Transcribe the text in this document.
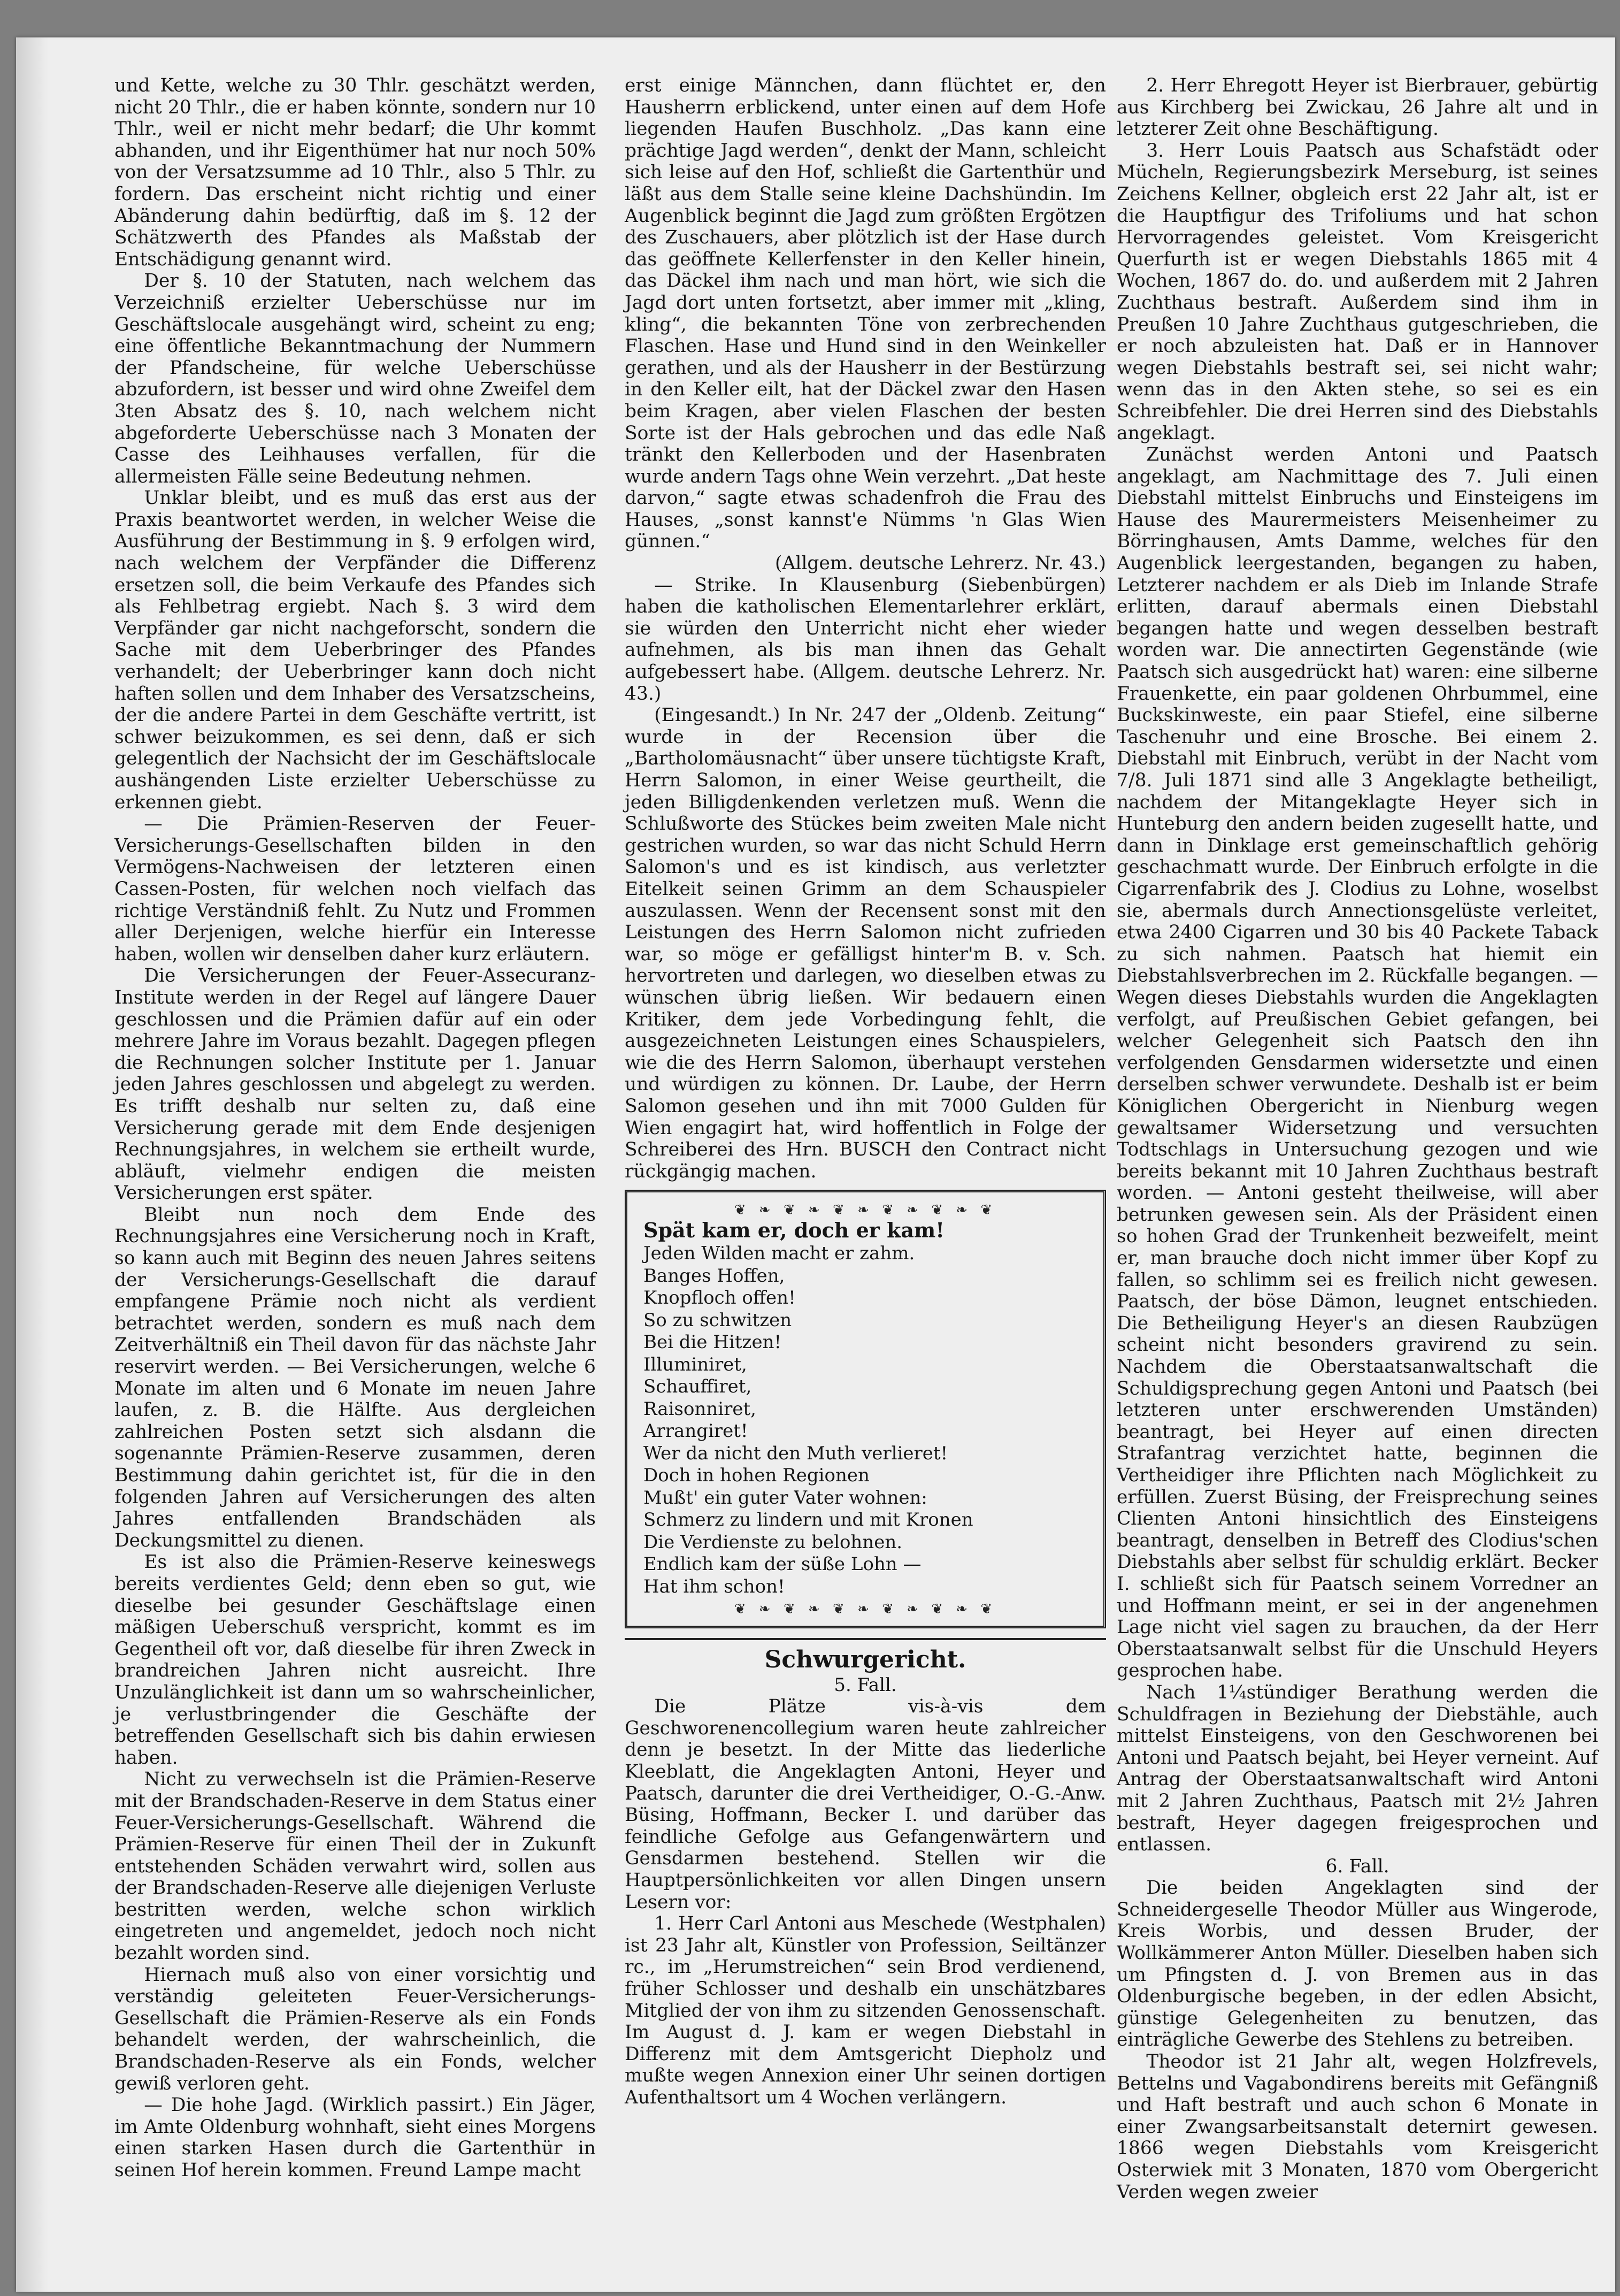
und Kette, welche zu 30 Thlr. geschätzt werden, nicht 20 Thlr., die er haben könnte, sondern nur 10 Thlr., weil er nicht mehr bedarf; die Uhr kommt abhanden, und ihr Eigenthümer hat nur noch 50% von der Versatzsumme ad 10 Thlr., also 5 Thlr. zu fordern. Das erscheint nicht richtig und einer Abänderung dahin bedürftig, daß im §. 12 der Schätzwerth des Pfandes als Maßstab der Entschädigung genannt wird.

Der §. 10 der Statuten, nach welchem das Verzeichniß erzielter Ueberschüsse nur im Geschäftslocale ausgehängt wird, scheint zu eng; eine öffentliche Bekanntmachung der Nummern der Pfandscheine, für welche Ueberschüsse abzufordern, ist besser und wird ohne Zweifel dem 3ten Absatz des §. 10, nach welchem nicht abgeforderte Ueberschüsse nach 3 Monaten der Casse des Leihhauses verfallen, für die allermeisten Fälle seine Bedeutung nehmen.

Unklar bleibt, und es muß das erst aus der Praxis beantwortet werden, in welcher Weise die Ausführung der Bestimmung in §. 9 erfolgen wird, nach welchem der Verpfänder die Differenz ersetzen soll, die beim Verkaufe des Pfandes sich als Fehlbetrag ergiebt. Nach §. 3 wird dem Verpfänder gar nicht nachgeforscht, sondern die Sache mit dem Ueberbringer des Pfandes verhandelt; der Ueberbringer kann doch nicht haften sollen und dem Inhaber des Versatzscheins, der die andere Partei in dem Geschäfte vertritt, ist schwer beizukommen, es sei denn, daß er sich gelegentlich der Nachsicht der im Geschäftslocale aushängenden Liste erzielter Ueberschüsse zu erkennen giebt.

— Die Prämien-Reserven der Feuer-Versicherungs-Gesellschaften bilden in den Vermögens-Nachweisen der letzteren einen Cassen-Posten, für welchen noch vielfach das richtige Verständniß fehlt. Zu Nutz und Frommen aller Derjenigen, welche hierfür ein Interesse haben, wollen wir denselben daher kurz erläutern.

Die Versicherungen der Feuer-Assecuranz-Institute werden in der Regel auf längere Dauer geschlossen und die Prämien dafür auf ein oder mehrere Jahre im Voraus bezahlt. Dagegen pflegen die Rechnungen solcher Institute per 1. Januar jeden Jahres geschlossen und abgelegt zu werden. Es trifft deshalb nur selten zu, daß eine Versicherung gerade mit dem Ende desjenigen Rechnungsjahres, in welchem sie ertheilt wurde, abläuft, vielmehr endigen die meisten Versicherungen erst später.

Bleibt nun noch dem Ende des Rechnungsjahres eine Versicherung noch in Kraft, so kann auch mit Beginn des neuen Jahres seitens der Versicherungs-Gesellschaft die darauf empfangene Prämie noch nicht als verdient betrachtet werden, sondern es muß nach dem Zeitverhältniß ein Theil davon für das nächste Jahr reservirt werden. — Bei Versicherungen, welche 6 Monate im alten und 6 Monate im neuen Jahre laufen, z. B. die Hälfte. Aus dergleichen zahlreichen Posten setzt sich alsdann die sogenannte Prämien-Reserve zusammen, deren Bestimmung dahin gerichtet ist, für die in den folgenden Jahren auf Versicherungen des alten Jahres entfallenden Brandschäden als Deckungsmittel zu dienen.

Es ist also die Prämien-Reserve keineswegs bereits verdientes Geld; denn eben so gut, wie dieselbe bei gesunder Geschäftslage einen mäßigen Ueberschuß verspricht, kommt es im Gegentheil oft vor, daß dieselbe für ihren Zweck in brandreichen Jahren nicht ausreicht. Ihre Unzulänglichkeit ist dann um so wahrscheinlicher, je verlustbringender die Geschäfte der betreffenden Gesellschaft sich bis dahin erwiesen haben.

Nicht zu verwechseln ist die Prämien-Reserve mit der Brandschaden-Reserve in dem Status einer Feuer-Versicherungs-Gesellschaft. Während die Prämien-Reserve für einen Theil der in Zukunft entstehenden Schäden verwahrt wird, sollen aus der Brandschaden-Reserve alle diejenigen Verluste bestritten werden, welche schon wirklich eingetreten und angemeldet, jedoch noch nicht bezahlt worden sind.

Hiernach muß also von einer vorsichtig und verständig geleiteten Feuer-Versicherungs-Gesellschaft die Prämien-Reserve als ein Fonds behandelt werden, der wahrscheinlich, die Brandschaden-Reserve als ein Fonds, welcher gewiß verloren geht.

— Die hohe Jagd. (Wirklich passirt.) Ein Jäger, im Amte Oldenburg wohnhaft, sieht eines Morgens einen starken Hasen durch die Gartenthür in seinen Hof herein kommen. Freund Lampe macht

erst einige Männchen, dann flüchtet er, den Hausherrn erblickend, unter einen auf dem Hofe liegenden Haufen Buschholz. „Das kann eine prächtige Jagd werden“, denkt der Mann, schleicht sich leise auf den Hof, schließt die Gartenthür und läßt aus dem Stalle seine kleine Dachshündin. Im Augenblick beginnt die Jagd zum größten Ergötzen des Zuschauers, aber plötzlich ist der Hase durch das geöffnete Kellerfenster in den Keller hinein, das Däckel ihm nach und man hört, wie sich die Jagd dort unten fortsetzt, aber immer mit „kling, kling“, die bekannten Töne von zerbrechenden Flaschen. Hase und Hund sind in den Weinkeller gerathen, und als der Hausherr in der Bestürzung in den Keller eilt, hat der Däckel zwar den Hasen beim Kragen, aber vielen Flaschen der besten Sorte ist der Hals gebrochen und das edle Naß tränkt den Kellerboden und der Hasenbraten wurde andern Tags ohne Wein verzehrt. „Dat heste darvon,“ sagte etwas schadenfroh die Frau des Hauses, „sonst kannst'e Nümms 'n Glas Wien günnen.“

(Allgem. deutsche Lehrerz. Nr. 43.)

— Strike. In Klausenburg (Siebenbürgen) haben die katholischen Elementarlehrer erklärt, sie würden den Unterricht nicht eher wieder aufnehmen, als bis man ihnen das Gehalt aufgebessert habe. (Allgem. deutsche Lehrerz. Nr. 43.)

(Eingesandt.) In Nr. 247 der „Oldenb. Zeitung“ wurde in der Recension über die „Bartholomäusnacht“ über unsere tüchtigste Kraft, Herrn Salomon, in einer Weise geurtheilt, die jeden Billigdenkenden verletzen muß. Wenn die Schlußworte des Stückes beim zweiten Male nicht gestrichen wurden, so war das nicht Schuld Herrn Salomon's und es ist kindisch, aus verletzter Eitelkeit seinen Grimm an dem Schauspieler auszulassen. Wenn der Recensent sonst mit den Leistungen des Herrn Salomon nicht zufrieden war, so möge er gefälligst hinter'm B. v. Sch. hervortreten und darlegen, wo dieselben etwas zu wünschen übrig ließen. Wir bedauern einen Kritiker, dem jede Vorbedingung fehlt, die ausgezeichneten Leistungen eines Schauspielers, wie die des Herrn Salomon, überhaupt verstehen und würdigen zu können. Dr. Laube, der Herrn Salomon gesehen und ihn mit 7000 Gulden für Wien engagirt hat, wird hoffentlich in Folge der Schreiberei des Hrn. BUSCH den Contract nicht rückgängig machen.

❦ ❧ ❦ ❧ ❦ ❧ ❦ ❧ ❦ ❧ ❦ Spät kam er, doch er kam!

Jeden Wilden macht er zahm.

Banges Hoffen,

Knopfloch offen!

So zu schwitzen

Bei die Hitzen!

Illuminiret,

Schauffiret,

Raisonniret,

Arrangiret!

Wer da nicht den Muth verlieret!

Doch in hohen Regionen

Mußt' ein guter Vater wohnen:

Schmerz zu lindern und mit Kronen

Die Verdienste zu belohnen.

Endlich kam der süße Lohn —

Hat ihm schon!

❦ ❧ ❦ ❧ ❦ ❧ ❦ ❧ ❦ ❧ ❦

Schwurgericht.

5. Fall.

Die Plätze vis-à-vis dem Geschworenencollegium waren heute zahlreicher denn je besetzt. In der Mitte das liederliche Kleeblatt, die Angeklagten Antoni, Heyer und Paatsch, darunter die drei Vertheidiger, O.-G.-Anw. Büsing, Hoffmann, Becker I. und darüber das feindliche Gefolge aus Gefangenwärtern und Gensdarmen bestehend. Stellen wir die Hauptpersönlichkeiten vor allen Dingen unsern Lesern vor:

1. Herr Carl Antoni aus Meschede (Westphalen) ist 23 Jahr alt, Künstler von Profession, Seiltänzer rc., im „Herumstreichen“ sein Brod verdienend, früher Schlosser und deshalb ein unschätzbares Mitglied der von ihm zu sitzenden Genossenschaft. Im August d. J. kam er wegen Diebstahl in Differenz mit dem Amtsgericht Diepholz und mußte wegen Annexion einer Uhr seinen dortigen Aufenthaltsort um 4 Wochen verlängern.

2. Herr Ehregott Heyer ist Bierbrauer, gebürtig aus Kirchberg bei Zwickau, 26 Jahre alt und in letzterer Zeit ohne Beschäftigung.

3. Herr Louis Paatsch aus Schafstädt oder Mücheln, Regierungsbezirk Merseburg, ist seines Zeichens Kellner, obgleich erst 22 Jahr alt, ist er die Hauptfigur des Trifoliums und hat schon Hervorragendes geleistet. Vom Kreisgericht Querfurth ist er wegen Diebstahls 1865 mit 4 Wochen, 1867 do. do. und außerdem mit 2 Jahren Zuchthaus bestraft. Außerdem sind ihm in Preußen 10 Jahre Zuchthaus gutgeschrieben, die er noch abzuleisten hat. Daß er in Hannover wegen Diebstahls bestraft sei, sei nicht wahr; wenn das in den Akten stehe, so sei es ein Schreibfehler. Die drei Herren sind des Diebstahls angeklagt.

Zunächst werden Antoni und Paatsch angeklagt, am Nachmittage des 7. Juli einen Diebstahl mittelst Einbruchs und Einsteigens im Hause des Maurermeisters Meisenheimer zu Börringhausen, Amts Damme, welches für den Augenblick leergestanden, begangen zu haben, Letzterer nachdem er als Dieb im Inlande Strafe erlitten, darauf abermals einen Diebstahl begangen hatte und wegen desselben bestraft worden war. Die annectirten Gegenstände (wie Paatsch sich ausgedrückt hat) waren: eine silberne Frauenkette, ein paar goldenen Ohrbummel, eine Buckskinweste, ein paar Stiefel, eine silberne Taschenuhr und eine Brosche. Bei einem 2. Diebstahl mit Einbruch, verübt in der Nacht vom 7/8. Juli 1871 sind alle 3 Angeklagte betheiligt, nachdem der Mitangeklagte Heyer sich in Hunteburg den andern beiden zugesellt hatte, und dann in Dinklage erst gemeinschaftlich gehörig geschachmatt wurde. Der Einbruch erfolgte in die Cigarrenfabrik des J. Clodius zu Lohne, woselbst sie, abermals durch Annectionsgelüste verleitet, etwa 2400 Cigarren und 30 bis 40 Packete Taback zu sich nahmen. Paatsch hat hiemit ein Diebstahlsverbrechen im 2. Rückfalle begangen. — Wegen dieses Diebstahls wurden die Angeklagten verfolgt, auf Preußischen Gebiet gefangen, bei welcher Gelegenheit sich Paatsch den ihn verfolgenden Gensdarmen widersetzte und einen derselben schwer verwundete. Deshalb ist er beim Königlichen Obergericht in Nienburg wegen gewaltsamer Widersetzung und versuchten Todtschlags in Untersuchung gezogen und wie bereits bekannt mit 10 Jahren Zuchthaus bestraft worden. — Antoni gesteht theilweise, will aber betrunken gewesen sein. Als der Präsident einen so hohen Grad der Trunkenheit bezweifelt, meint er, man brauche doch nicht immer über Kopf zu fallen, so schlimm sei es freilich nicht gewesen. Paatsch, der böse Dämon, leugnet entschieden. Die Betheiligung Heyer's an diesen Raubzügen scheint nicht besonders gravirend zu sein. Nachdem die Oberstaatsanwaltschaft die Schuldigsprechung gegen Antoni und Paatsch (bei letzteren unter erschwerenden Umständen) beantragt, bei Heyer auf einen directen Strafantrag verzichtet hatte, beginnen die Vertheidiger ihre Pflichten nach Möglichkeit zu erfüllen. Zuerst Büsing, der Freisprechung seines Clienten Antoni hinsichtlich des Einsteigens beantragt, denselben in Betreff des Clodius'schen Diebstahls aber selbst für schuldig erklärt. Becker I. schließt sich für Paatsch seinem Vorredner an und Hoffmann meint, er sei in der angenehmen Lage nicht viel sagen zu brauchen, da der Herr Oberstaatsanwalt selbst für die Unschuld Heyers gesprochen habe.

Nach 1¼stündiger Berathung werden die Schuldfragen in Beziehung der Diebstähle, auch mittelst Einsteigens, von den Geschworenen bei Antoni und Paatsch bejaht, bei Heyer verneint. Auf Antrag der Oberstaatsanwaltschaft wird Antoni mit 2 Jahren Zuchthaus, Paatsch mit 2½ Jahren bestraft, Heyer dagegen freigesprochen und entlassen.

6. Fall.

Die beiden Angeklagten sind der Schneidergeselle Theodor Müller aus Wingerode, Kreis Worbis, und dessen Bruder, der Wollkämmerer Anton Müller. Dieselben haben sich um Pfingsten d. J. von Bremen aus in das Oldenburgische begeben, in der edlen Absicht, günstige Gelegenheiten zu benutzen, das einträgliche Gewerbe des Stehlens zu betreiben.

Theodor ist 21 Jahr alt, wegen Holzfrevels, Bettelns und Vagabondirens bereits mit Gefängniß und Haft bestraft und auch schon 6 Monate in einer Zwangsarbeitsanstalt deternirt gewesen. 1866 wegen Diebstahls vom Kreisgericht Osterwiek mit 3 Monaten, 1870 vom Obergericht Verden wegen zweier
